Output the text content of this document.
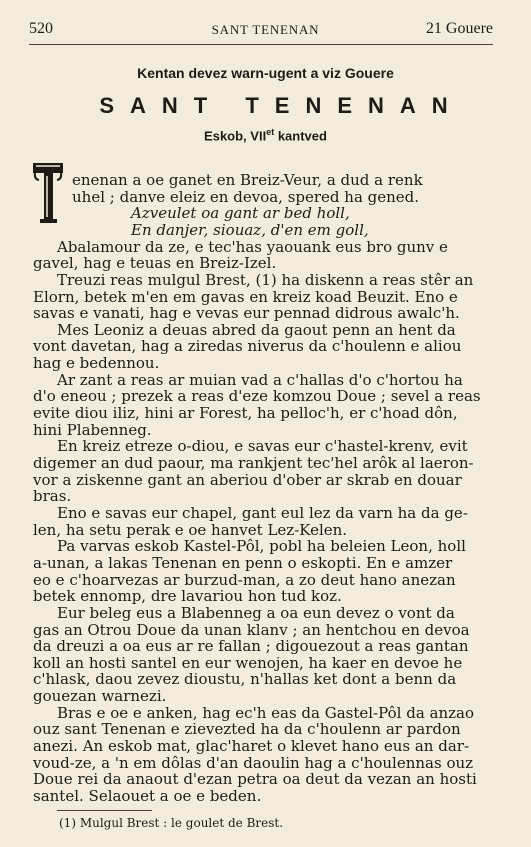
520	SANT TENENAN	21 Gouere
Kentan devez warn-ugent a viz Gouere
SANT TENENAN
Eskob, $VII^{et}$ kantved
enenan a oe ganet en Breiz-Veur, a dud a renk
uhel ; danve eleiz en devoa, spered ha gened.
Azveulet oa gant ar bed holl,
En danjer, siouaz, d'en em goll,
Abalamour da ze, e tec'has yaouank eus bro gunv e
gavel, hag e teuas en Breiz-Izel.
Treuzi reas mulgul Brest, (1) ha diskenn a reas stêr an
Elorn, betek m'en em gavas en kreiz koad Beuzit. Eno e
savas e vanati, hag e vevas eur pennad didrous awalc'h.
Mes Leoniz a deuas abred da gaout penn an hent da
vont davetan, hag a ziredas niverus da c'houlenn e aliou
hag e bedennou.
Ar zant a reas ar muian vad a c'hallas d'o c'hortou ha
d'o eneou ; prezek a reas d'eze komzou Doue ; sevel a reas
evite diou iliz, hini ar Forest, ha pelloc'h, er c'hoad dôn,
hini Plabenneg.
En kreiz etreze o-diou, e savas eur c'hastel-krenv, evit
digemer an dud paour, ma rankjent tec'hel arôk al laeron-
vor a ziskenne gant an aberiou d'ober ar skrab en douar
bras.
Eno e savas eur chapel, gant eul lez da varn ha da ge-
len, ha setu perak e oe hanvet Lez-Kelen.
Pa varvas eskob Kastel-Pôl, pobl ha beleien Leon, holl
a-unan, a lakas Tenenan en penn o eskopti. En e amzer
eo e c'hoarvezas ar burzud-man, a zo deut hano anezan
betek ennomp, dre lavariou hon tud koz.
Eur beleg eus a Blabenneg a oa eun devez o vont da
gas an Otrou Doue da unan klanv ; an hentchou en devoa
da dreuzi a oa eus ar re fallan ; digouezout a reas gantan
koll an hosti santel en eur wenojen, ha kaer en devoe he
c'hlask, daou zevez dioustu, n'hallas ket dont a benn da
gouezan warnezi.
Bras e oe e anken, hag ec'h eas da Gastel-Pôl da anzao
ouz sant Tenenan e zievezted ha da c'houlenn ar pardon
anezi. An eskob mat, glac'haret o klevet hano eus an dar-
voud-ze, a 'n em dôlas d'an daoulin hag a c'houlennas ouz
Doue rei da anaout d'ezan petra oa deut da vezan an hosti
santel. Selaouet a oe e beden.
(1) Mulgul Brest : le goulet de Brest.
